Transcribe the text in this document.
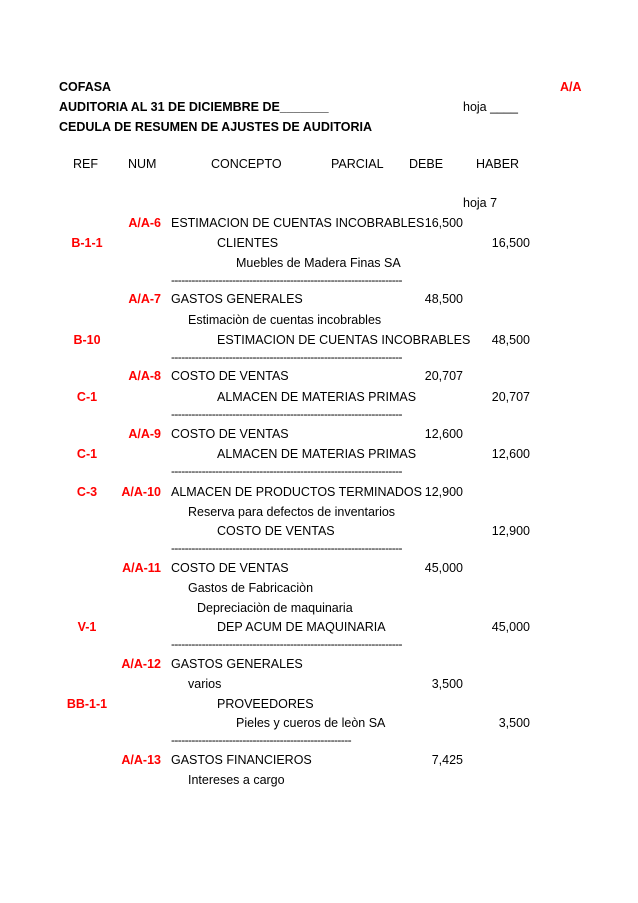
COFASA	A/A
AUDITORIA AL 31 DE DICIEMBRE DE_______	hoja ____
CEDULA DE RESUMEN DE AJUSTES DE AUDITORIA
REF NUM	CONCEPTO	PARCIAL DEBE	HABER
hoja 7
A/A-6 ESTIMACION DE CUENTAS INCOBRABLES 16,500
B-1-1	CLIENTES	16,500
Muebles de Madera Finas SA
--------------------------------------------------------------------
A/A-7 GASTOS GENERALES	48,500
Estimaciòn de cuentas incobrables
B-10	ESTIMACION DE CUENTAS INCOBRABLES	48,500
--------------------------------------------------------------------
A/A-8 COSTO DE VENTAS	20,707
C-1	ALMACEN DE MATERIAS PRIMAS	20,707
--------------------------------------------------------------------
A/A-9 COSTO DE VENTAS	12,600
C-1	ALMACEN DE MATERIAS PRIMAS	12,600
--------------------------------------------------------------------
C-3	A/A-10 ALMACEN DE PRODUCTOS TERMINADOS 12,900
Reserva para defectos de inventarios
COSTO DE VENTAS	12,900
--------------------------------------------------------------------
A/A-11 COSTO DE VENTAS	45,000
Gastos de Fabricaciòn
Depreciaciòn de maquinaria
V-1	DEP ACUM DE MAQUINARIA	45,000
--------------------------------------------------------------------
A/A-12 GASTOS GENERALES
varios	3,500
BB-1-1	PROVEEDORES
Pieles y cueros de leòn SA	3,500
-----------------------------------------------------
A/A-13 GASTOS FINANCIEROS	7,425
Intereses a cargo
